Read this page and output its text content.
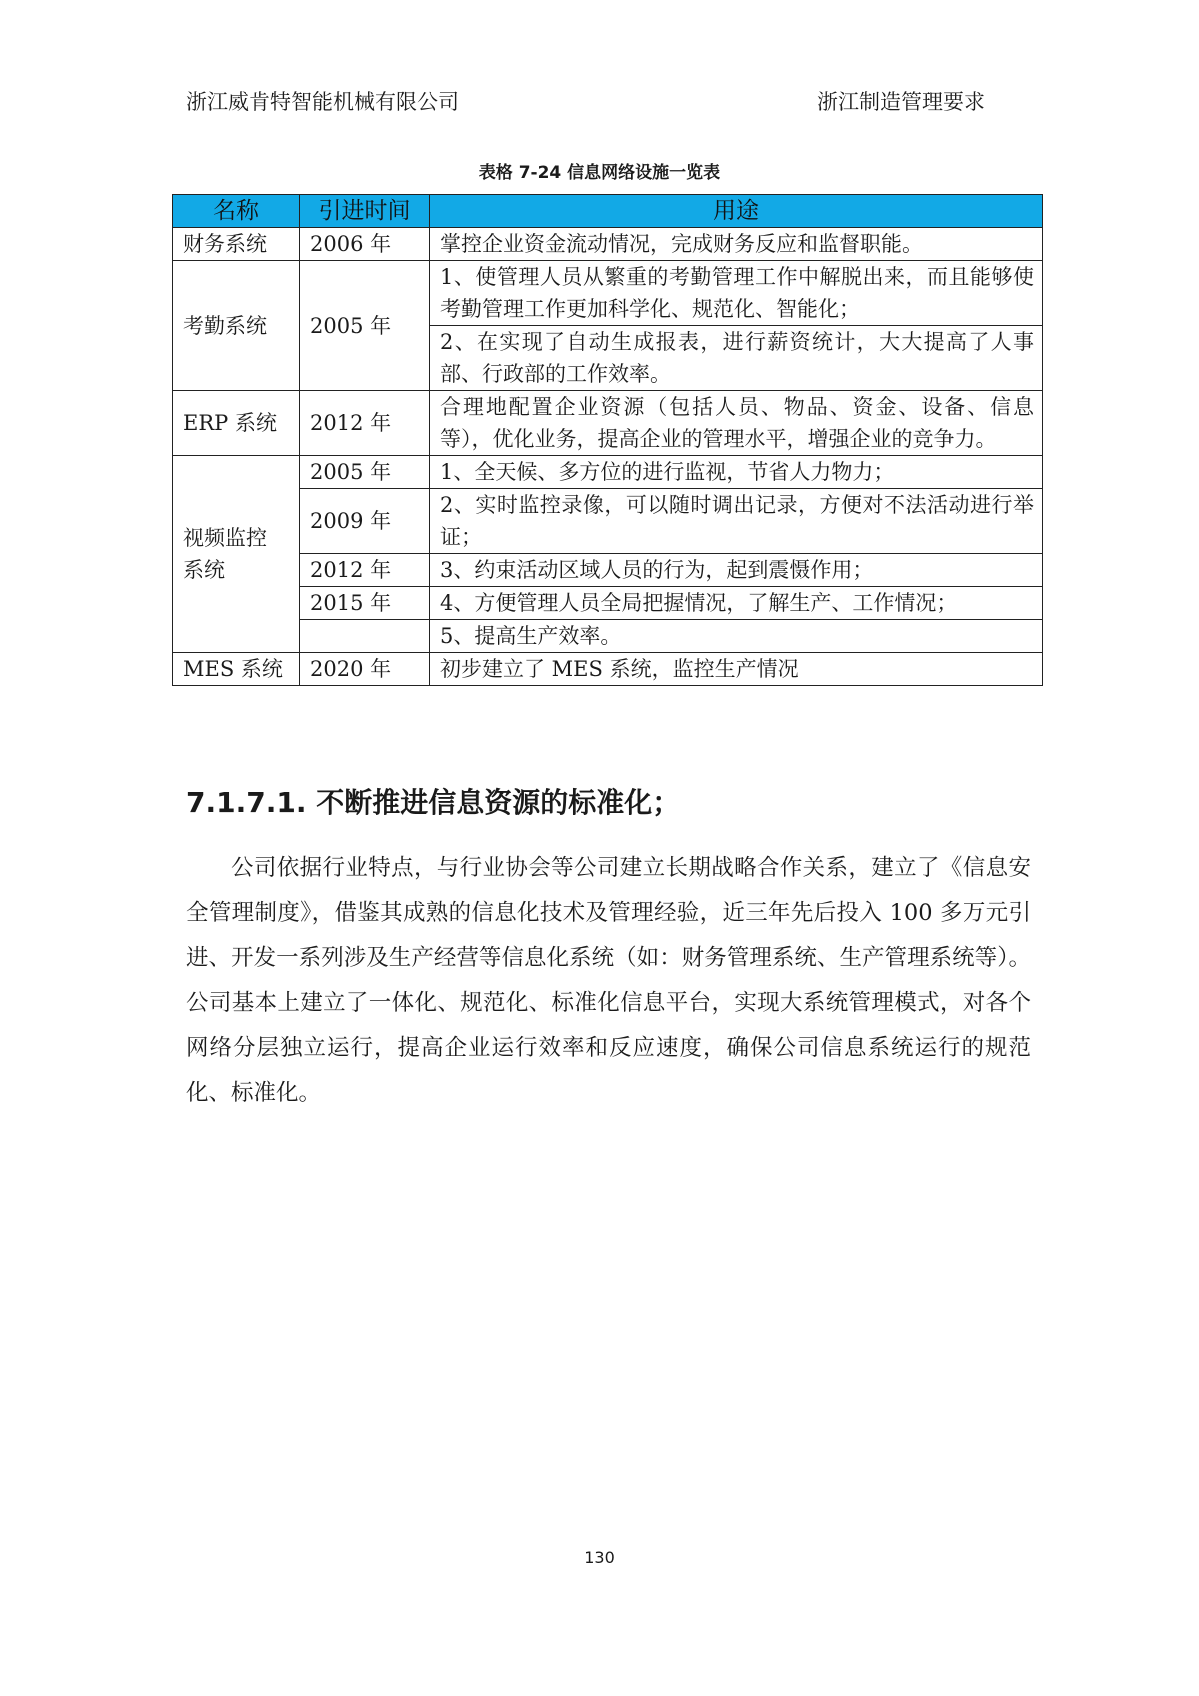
浙江威肯特智能机械有限公司	浙江制造管理要求
表格 7-24 信息网络设施一览表
名称	引进时间	用途
财务系统	2006 年	掌控企业资金流动情况，完成财务反应和监督职能。
考勤系统	2005 年	1、使管理人员从繁重的考勤管理工作中解脱出来，而且能够使考勤管理工作更加科学化、规范化、智能化；
		2、在实现了自动生成报表，进行薪资统计，大大提高了人事部、行政部的工作效率。
ERP 系统	2012 年	合理地配置企业资源（包括人员、物品、资金、设备、信息等），优化业务，提高企业的管理水平，增强企业的竞争力。
视频监控系统	2005 年	1、全天候、多方位的进行监视，节省人力物力；
	2009 年	2、实时监控录像，可以随时调出记录，方便对不法活动进行举证；
	2012 年	3、约束活动区域人员的行为，起到震慑作用；
	2015 年	4、方便管理人员全局把握情况，了解生产、工作情况；
		5、提高生产效率。
MES 系统	2020 年	初步建立了 MES 系统，监控生产情况
7.1.7.1. 不断推进信息资源的标准化；

公司依据行业特点，与行业协会等公司建立长期战略合作关系，建立了《信息安全管理制度》，借鉴其成熟的信息化技术及管理经验，近三年先后投入 100 多万元引进、开发一系列涉及生产经营等信息化系统（如：财务管理系统、生产管理系统等）。公司基本上建立了一体化、规范化、标准化信息平台，实现大系统管理模式，对各个网络分层独立运行，提高企业运行效率和反应速度，确保公司信息系统运行的规范化、标准化。

130
